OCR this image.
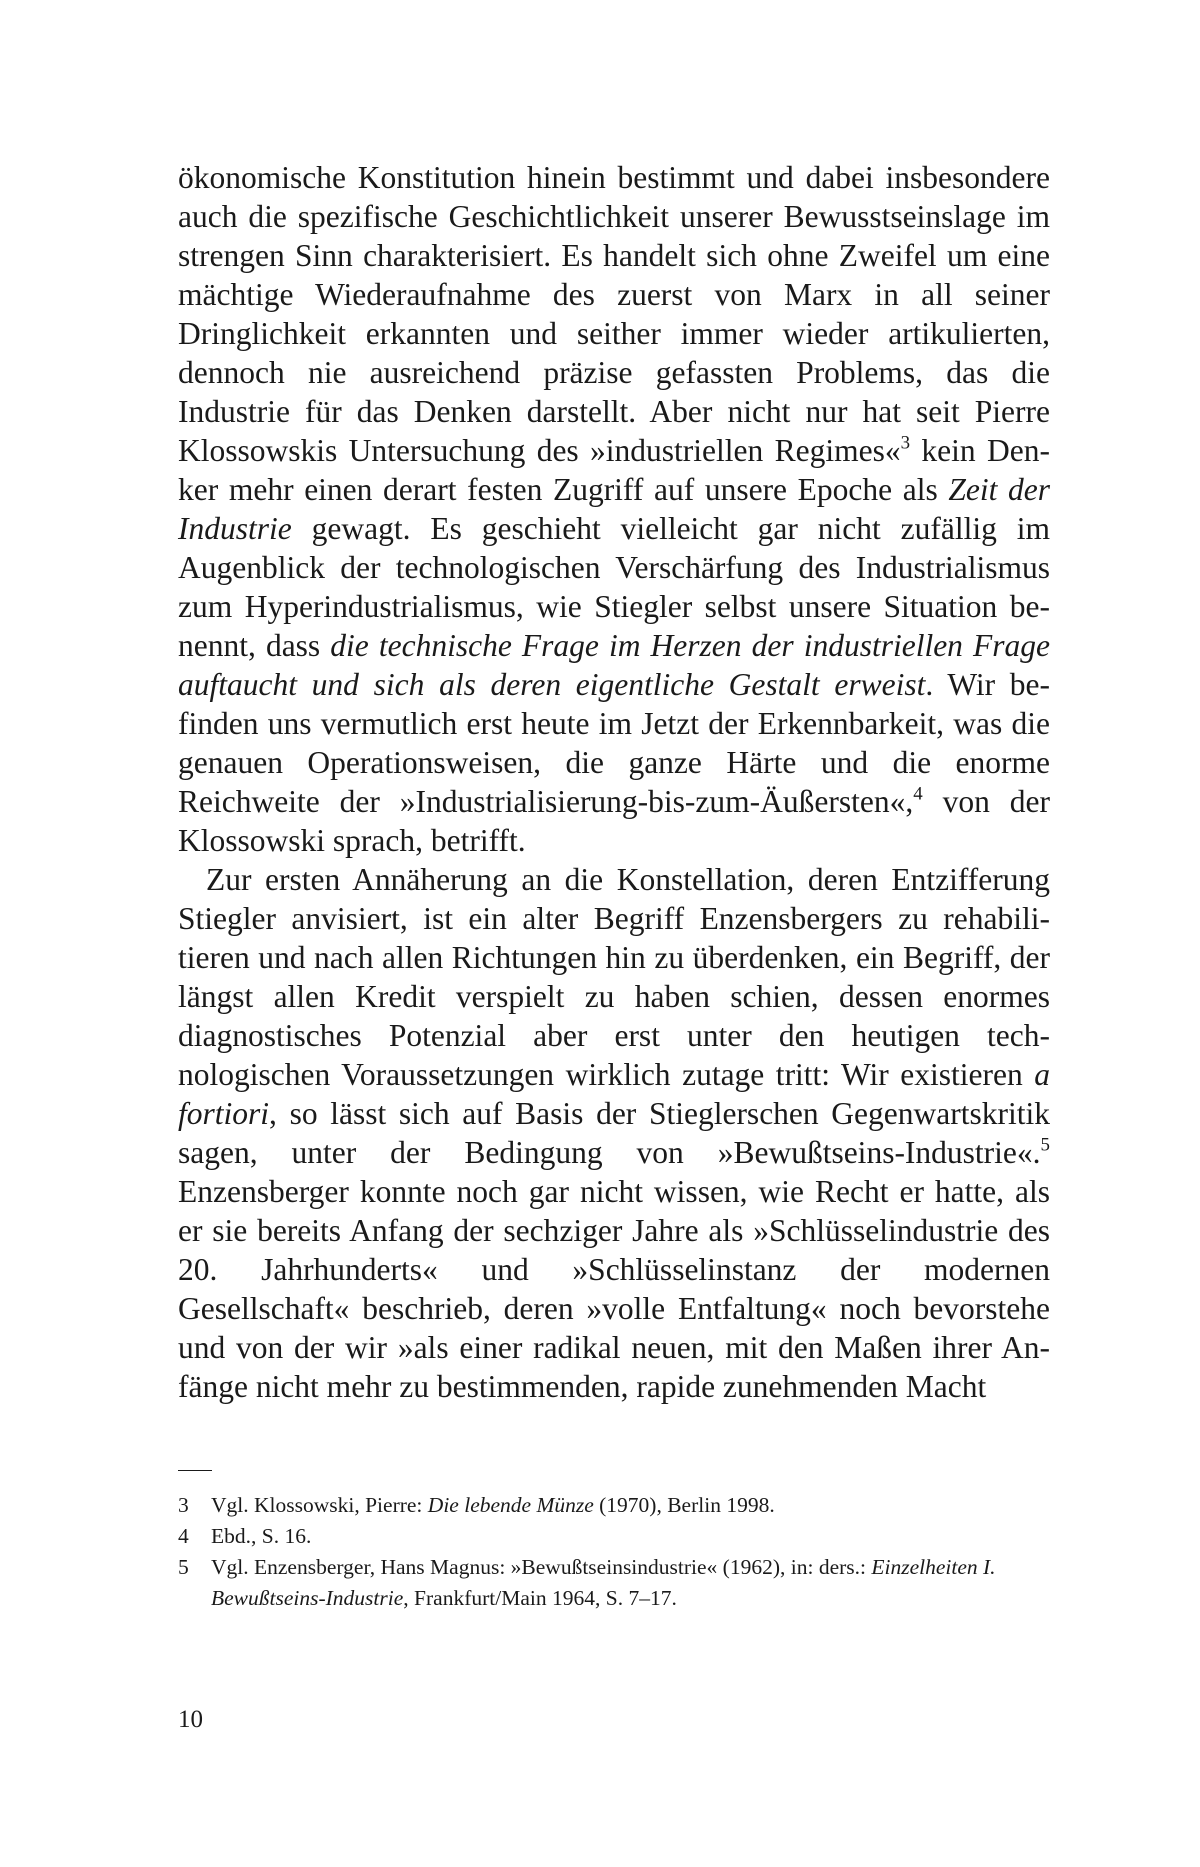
ökonomische Konstitution hinein bestimmt und dabei insbesondere auch die spezifische Geschichtlichkeit unserer Bewusstseinslage im strengen Sinn charakterisiert. Es handelt sich ohne Zweifel um eine mächtige Wiederaufnahme des zuerst von Marx in all seiner Dringlichkeit erkannten und seither immer wieder artikulierten, dennoch nie ausreichend präzise gefassten Problems, das die Industrie für das Denken darstellt. Aber nicht nur hat seit Pierre Klossowskis Untersuchung des »industriellen Regimes«$^3$ kein Denker mehr einen derart festen Zugriff auf unsere Epoche als Zeit der Industrie gewagt. Es geschieht vielleicht gar nicht zufällig im Augenblick der technologischen Verschärfung des Industrialismus zum Hyperindustrialismus, wie Stiegler selbst unsere Situation benennt, dass die technische Frage im Herzen der industriellen Frage auftaucht und sich als deren eigentliche Gestalt erweist. Wir befinden uns vermutlich erst heute im Jetzt der Erkennbarkeit, was die genauen Operationsweisen, die ganze Härte und die enorme Reichweite der »Industrialisierung-bis-zum-Äußersten«,$^4$ von der Klossowski sprach, betrifft.

Zur ersten Annäherung an die Konstellation, deren Entzifferung Stiegler anvisiert, ist ein alter Begriff Enzensbergers zu rehabilitieren und nach allen Richtungen hin zu überdenken, ein Begriff, der längst allen Kredit verspielt zu haben schien, dessen enormes diagnostisches Potenzial aber erst unter den heutigen technologischen Voraussetzungen wirklich zutage tritt: Wir existieren a fortiori, so lässt sich auf Basis der Stieglerschen Gegenwartskritik sagen, unter der Bedingung von »Bewußtseins-Industrie«.$^5$ Enzensberger konnte noch gar nicht wissen, wie Recht er hatte, als er sie bereits Anfang der sechziger Jahre als »Schlüsselindustrie des 20. Jahrhunderts« und »Schlüsselinstanz der modernen Gesellschaft« beschrieb, deren »volle Entfaltung« noch bevorstehe und von der wir »als einer radikal neuen, mit den Maßen ihrer Anfänge nicht mehr zu bestimmenden, rapide zunehmenden Macht

3	Vgl. Klossowski, Pierre: Die lebende Münze (1970), Berlin 1998.
4	Ebd., S. 16.
5	Vgl. Enzensberger, Hans Magnus: »Bewußtseinsindustrie« (1962), in: ders.: Einzelheiten I. Bewußtseins-Industrie, Frankfurt/Main 1964, S. 7–17.
10
